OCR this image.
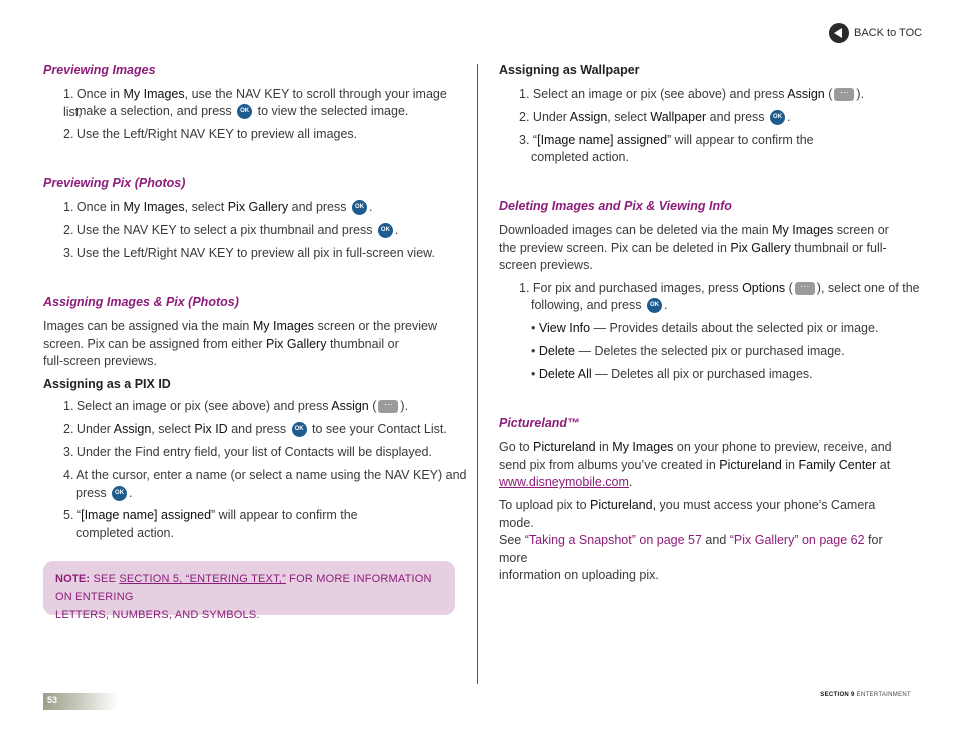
BACK to TOC
Previewing Images
1. Once in My Images, use the NAV KEY to scroll through your image list,
make a selection, and press OK to view the selected image.
2. Use the Left/Right NAV KEY to preview all images.
Previewing Pix (Photos)
1. Once in My Images, select Pix Gallery and press OK .
2. Use the NAV KEY to select a pix thumbnail and press OK .
3. Use the Left/Right NAV KEY to preview all pix in full-screen view.
Assigning Images & Pix (Photos)
Images can be assigned via the main My Images screen or the preview
screen. Pix can be assigned from either Pix Gallery thumbnail or
full-screen previews.
Assigning as a PIX ID
1. Select an image or pix (see above) and press Assign ( ··· ).
2. Under Assign, select Pix ID and press OK to see your Contact List.
3. Under the Find entry field, your list of Contacts will be displayed.
4. At the cursor, enter a name (or select a name using the NAV KEY) and
press OK .
5. “[Image name] assigned” will appear to confirm the
completed action.
NOTE: SEE SECTION 5, “ENTERING TEXT,” FOR MORE INFORMATION ON ENTERING
LETTERS, NUMBERS, AND SYMBOLS.
Assigning as Wallpaper
1. Select an image or pix (see above) and press Assign ( ··· ).
2. Under Assign, select Wallpaper and press OK .
3. “[Image name] assigned” will appear to confirm the
completed action.
Deleting Images and Pix & Viewing Info
Downloaded images can be deleted via the main My Images screen or
the preview screen. Pix can be deleted in Pix Gallery thumbnail or full-
screen previews.
1. For pix and purchased images, press Options ( ··· ), select one of the
following, and press OK .
• View Info — Provides details about the selected pix or image.
• Delete — Deletes the selected pix or purchased image.
• Delete All — Deletes all pix or purchased images.
Pictureland™
Go to Pictureland in My Images on your phone to preview, receive, and
send pix from albums you’ve created in Pictureland in Family Center at
www.disneymobile.com.
To upload pix to Pictureland, you must access your phone’s Camera mode.
See “Taking a Snapshot” on page 57 and “Pix Gallery” on page 62 for more
information on uploading pix.
53	SECTION 9 ENTERTAINMENT
